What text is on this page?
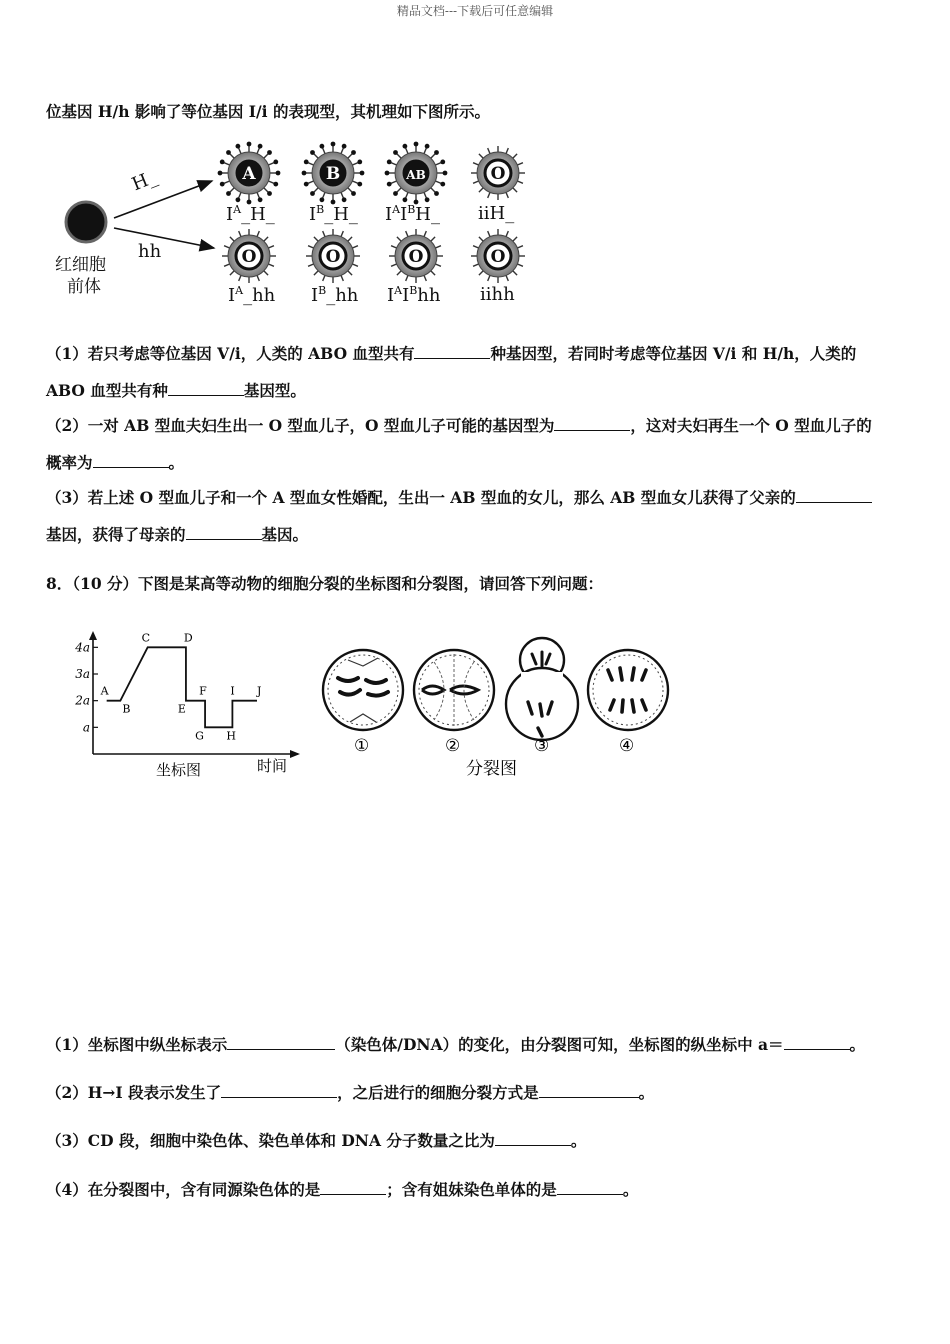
精品文档---下载后可任意编辑
位基因 H/h 影响了等位基因 I/i 的表现型，其机理如下图所示。
A	B	AB	O
O	O	O	O
红细胞
前体
H_
hh
$I^A\_H\_$ $I^B\_H\_$ $I^AI^BH\_$ iiH_
$I^A\_hh$ $I^B\_hh$ $I^AI^Bhh$ iihh
（1）若只考虑等位基因 V/i，人类的 ABO 血型共有	种基因型，若同时考虑等位基因 V/i 和 H/h，人类的
ABO 血型共有种	基因型。
（2）一对 AB 型血夫妇生出一 O 型血儿子，O 型血儿子可能的基因型为	，这对夫妇再生一个 O 型血儿子的
概率为	。
（3）若上述 O 型血儿子和一个 A 型血女性婚配，生出一 AB 型血的女儿，那么 AB 型血女儿获得了父亲的
基因，获得了母亲的	基因。
8．（10 分）下图是某高等动物的细胞分裂的坐标图和分裂图，请回答下列问题：
a
2a
3a
4a
A
B
C	D
E
F
G H
I J
坐标图	时间
①	②	③	④
分裂图
（1）坐标图中纵坐标表示	（染色体/DNA）的变化，由分裂图可知，坐标图的纵坐标中 a＝	。
（2）H→I 段表示发生了	，之后进行的细胞分裂方式是	。
（3）CD 段，细胞中染色体、染色单体和 DNA 分子数量之比为	。
（4）在分裂图中，含有同源染色体的是	；含有姐妹染色单体的是	。
